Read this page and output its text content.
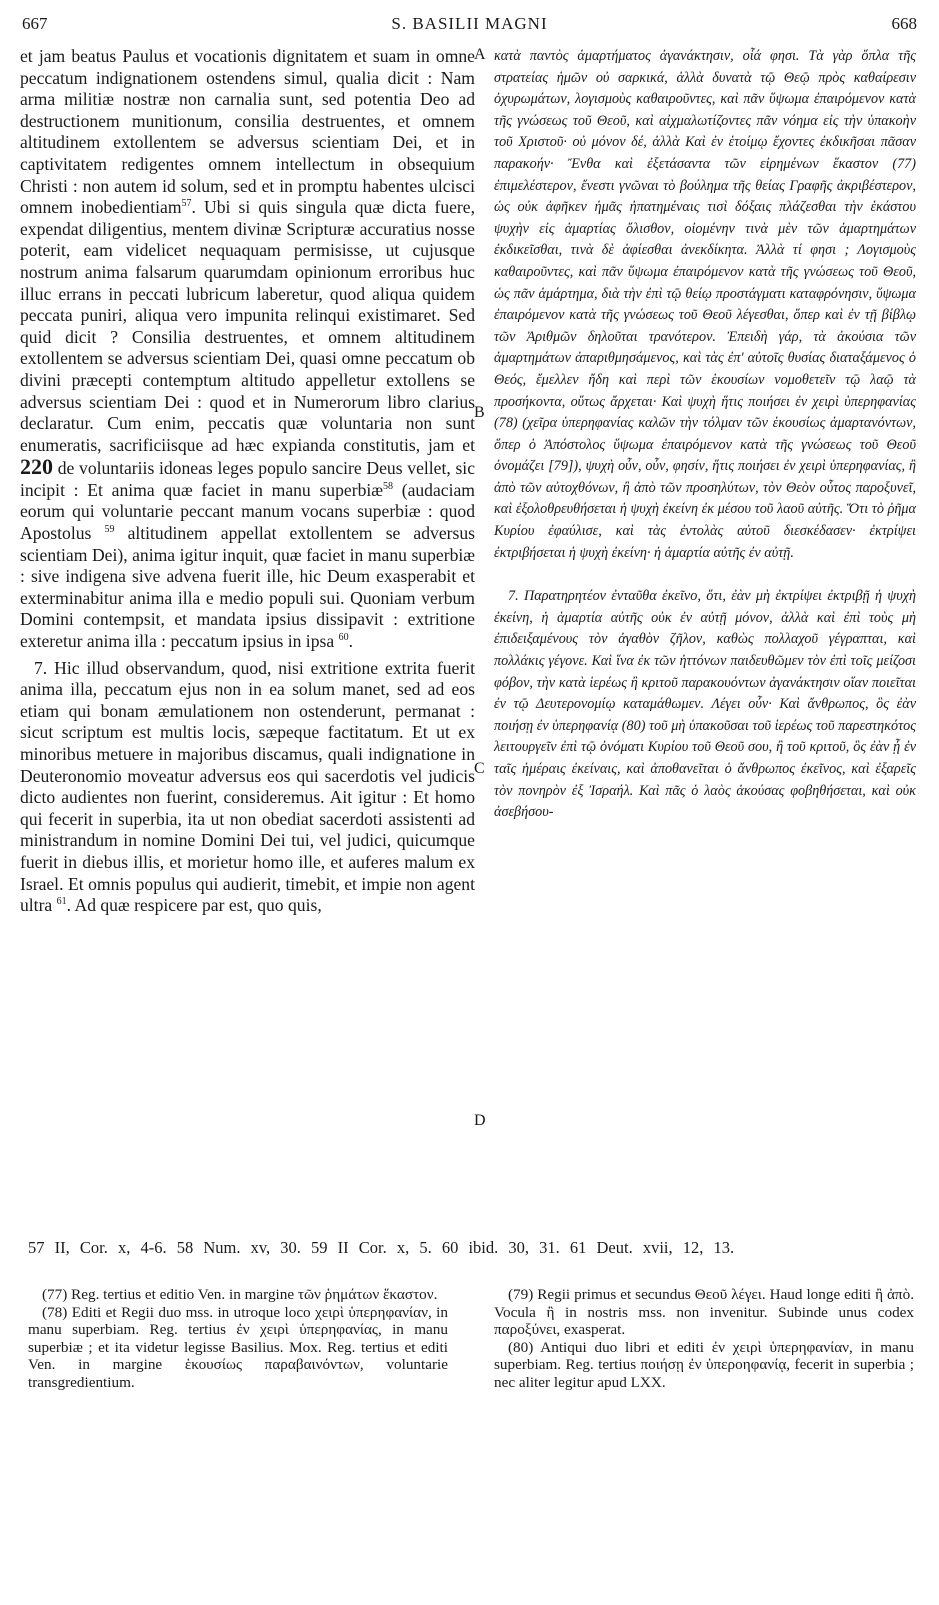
667	S. BASILII MAGNI	668

et jam beatus Paulus et vocationis dignitatem et suam in omne peccatum indignationem ostendens simul, qualia dicit : Nam arma militiæ nostræ non carnalia sunt, sed potentia Deo ad destructionem munitionum, consilia destruentes, et omnem altitudinem extollentem se adversus scientiam Dei, et in captivitatem redigentes omnem intellectum in obsequium Christi : non autem id solum, sed et in promptu habentes ulcisci omnem inobedientiam$^{57}$. Ubi si quis singula quæ dicta fuere, expendat diligentius, mentem divinæ Scripturæ accuratius nosse poterit, eam videlicet nequaquam permisisse, ut cujusque nostrum anima falsarum quarumdam opinionum erroribus huc illuc errans in peccati lubricum laberetur, quod aliqua quidem peccata puniri, aliqua vero impunita relinqui existimaret. Sed quid dicit ? Consilia destruentes, et omnem altitudinem extollentem se adversus scientiam Dei, quasi omne peccatum ob divini præcepti contemptum altitudo appelletur extollens se adversus scientiam Dei : quod et in Numerorum libro clarius declaratur. Cum enim, peccatis quæ voluntaria non sunt enumeratis, sacrificiisque ad hæc expianda constitutis, jam et 220 de voluntariis idoneas leges populo sancire Deus vellet, sic incipit : Et anima quæ faciet in manu superbiæ$^{58}$ (audaciam eorum qui voluntarie peccant manum vocans superbiæ : quod Apostolus $^{59}$ altitudinem appellat extollentem se adversus scientiam Dei), anima igitur inquit, quæ faciet in manu superbiæ : sive indigena sive advena fuerit ille, hic Deum exasperabit et exterminabitur anima illa e medio populi sui. Quoniam verbum Domini contempsit, et mandata ipsius dissipavit : extritione exteretur anima illa : peccatum ipsius in ipsa $^{60}$.

7. Hic illud observandum, quod, nisi extritione extrita fuerit anima illa, peccatum ejus non in ea solum manet, sed ad eos etiam qui bonam æmulationem non ostenderunt, permanat : sicut scriptum est multis locis, sæpeque factitatum. Et ut ex minoribus metuere in majoribus discamus, quali indignatione in Deuteronomio moveatur adversus eos qui sacerdotis vel judicis dicto audientes non fuerint, consideremus. Ait igitur : Et homo qui fecerit in superbia, ita ut non obediat sacerdoti assistenti ad ministrandum in nomine Domini Dei tui, vel judici, quicumque fuerit in diebus illis, et morietur homo ille, et auferes malum ex Israel. Et omnis populus qui audierit, timebit, et impie non agent ultra $^{61}$. Ad quæ respicere par est, quo quis,

A
B
C
D

κατὰ παντὸς ἁμαρτήματος ἀγανάκτησιν, οἷά φησι. Τὰ γὰρ ὅπλα τῆς στρατείας ἡμῶν οὐ σαρκικά, ἀλλὰ δυνατὰ τῷ Θεῷ πρὸς καθαίρεσιν ὀχυρωμάτων, λογισμοὺς καθαιροῦντες, καὶ πᾶν ὕψωμα ἐπαιρόμενον κατὰ τῆς γνώσεως τοῦ Θεοῦ, καὶ αἰχμαλωτίζοντες πᾶν νόημα εἰς τὴν ὑπακοὴν τοῦ Χριστοῦ· οὐ μόνον δέ, ἀλλὰ Καὶ ἐν ἑτοίμῳ ἔχοντες ἐκδικῆσαι πᾶσαν παρακοήν· Ἔνθα καὶ ἐξετάσαντα τῶν εἰρημένων ἕκαστον (77) ἐπιμελέστερον, ἔνεστι γνῶναι τὸ βούλημα τῆς θείας Γραφῆς ἀκριβέστερον, ὡς οὐκ ἀφῆκεν ἡμᾶς ἠπατημέναις τισὶ δόξαις πλάζεσθαι τὴν ἑκάστου ψυχὴν εἰς ἁμαρτίας ὄλισθον, οἰομένην τινὰ μὲν τῶν ἁμαρτημάτων ἐκδικεῖσθαι, τινὰ δὲ ἀφίεσθαι ἀνεκδίκητα. Ἀλλὰ τί φησι ; Λογισμοὺς καθαιροῦντες, καὶ πᾶν ὕψωμα ἐπαιρόμενον κατὰ τῆς γνώσεως τοῦ Θεοῦ, ὡς πᾶν ἁμάρτημα, διὰ τὴν ἐπὶ τῷ θείῳ προστάγματι καταφρόνησιν, ὕψωμα ἐπαιρόμενον κατὰ τῆς γνώσεως τοῦ Θεοῦ λέγεσθαι, ὅπερ καὶ ἐν τῇ βίβλῳ τῶν Ἀριθμῶν δηλοῦται τρανότερον. Ἐπειδὴ γάρ, τὰ ἀκούσια τῶν ἁμαρτημάτων ἀπαριθμησάμενος, καὶ τὰς ἐπ' αὐτοῖς θυσίας διαταξάμενος ὁ Θεός, ἔμελλεν ἤδη καὶ περὶ τῶν ἑκουσίων νομοθετεῖν τῷ λαῷ τὰ προσήκοντα, οὕτως ἄρχεται· Καὶ ψυχὴ ἥτις ποιήσει ἐν χειρὶ ὑπερηφανίας (78) (χεῖρα ὑπερηφανίας καλῶν τὴν τόλμαν τῶν ἑκουσίως ἁμαρτανόντων, ὅπερ ὁ Ἀπόστολος ὕψωμα ἐπαιρόμενον κατὰ τῆς γνώσεως τοῦ Θεοῦ ὀνομάζει [79]), ψυχὴ οὖν, οὖν, φησίν, ἥτις ποιήσει ἐν χειρὶ ὑπερηφανίας, ἢ ἀπὸ τῶν αὐτοχθόνων, ἢ ἀπὸ τῶν προσηλύτων, τὸν Θεὸν οὗτος παροξυνεῖ, καὶ ἐξολοθρευθήσεται ἡ ψυχὴ ἐκείνη ἐκ μέσου τοῦ λαοῦ αὐτῆς. Ὅτι τὸ ῥῆμα Κυρίου ἐφαύλισε, καὶ τὰς ἐντολὰς αὐτοῦ διεσκέδασεν· ἐκτρίψει ἐκτριβήσεται ἡ ψυχὴ ἐκείνη· ἡ ἁμαρτία αὐτῆς ἐν αὐτῇ.

7. Παρατηρητέον ἐνταῦθα ἐκεῖνο, ὅτι, ἐὰν μὴ ἐκτρίψει ἐκτριβῇ ἡ ψυχὴ ἐκείνη, ἡ ἁμαρτία αὐτῆς οὐκ ἐν αὐτῇ μόνον, ἀλλὰ καὶ ἐπὶ τοὺς μὴ ἐπιδειξαμένους τὸν ἀγαθὸν ζῆλον, καθὼς πολλαχοῦ γέγραπται, καὶ πολλάκις γέγονε. Καὶ ἵνα ἐκ τῶν ἡττόνων παιδευθῶμεν τὸν ἐπὶ τοῖς μείζοσι φόβον, τὴν κατὰ ἱερέως ἢ κριτοῦ παρακουόντων ἀγανάκτησιν οἵαν ποιεῖται ἐν τῷ Δευτερονομίῳ καταμάθωμεν. Λέγει οὖν· Καὶ ἄνθρωπος, ὃς ἐὰν ποιήσῃ ἐν ὑπερηφανίᾳ (80) τοῦ μὴ ὑπακοῦσαι τοῦ ἱερέως τοῦ παρεστηκότος λειτουργεῖν ἐπὶ τῷ ὀνόματι Κυρίου τοῦ Θεοῦ σου, ἢ τοῦ κριτοῦ, ὃς ἐὰν ᾖ ἐν ταῖς ἡμέραις ἐκείναις, καὶ ἀποθανεῖται ὁ ἄνθρωπος ἐκεῖνος, καὶ ἐξαρεῖς τὸν πονηρὸν ἐξ Ἰσραήλ. Καὶ πᾶς ὁ λαὸς ἀκούσας φοβηθήσεται, καὶ οὐκ ἀσεβήσου-

57 II, Cor. x, 4-6. 58 Num. xv, 30. 59 II Cor. x, 5. 60 ibid. 30, 31. 61 Deut. xvii, 12, 13.

(77) Reg. tertius et editio Ven. in margine τῶν ῥημάτων ἕκαστον.

(78) Editi et Regii duo mss. in utroque loco χειρὶ ὑπερηφανίαν, in manu superbiam. Reg. tertius ἐν χειρὶ ὑπερηφανίας, in manu superbiæ ; et ita videtur legisse Basilius. Mox. Reg. tertius et editi Ven. in margine ἑκουσίως παραβαινόντων, voluntarie transgredientium.

(79) Regii primus et secundus Θεοῦ λέγει. Haud longe editi ἢ ἀπὸ. Vocula ἢ in nostris mss. non invenitur. Subinde unus codex παροξύνει, exasperat.

(80) Antiqui duo libri et editi ἐν χειρὶ ὑπερηφανίαν, in manu superbiam. Reg. tertius ποιήσῃ ἐν ὑπεροηφανίᾳ, fecerit in superbia ; nec aliter legitur apud LXX.
